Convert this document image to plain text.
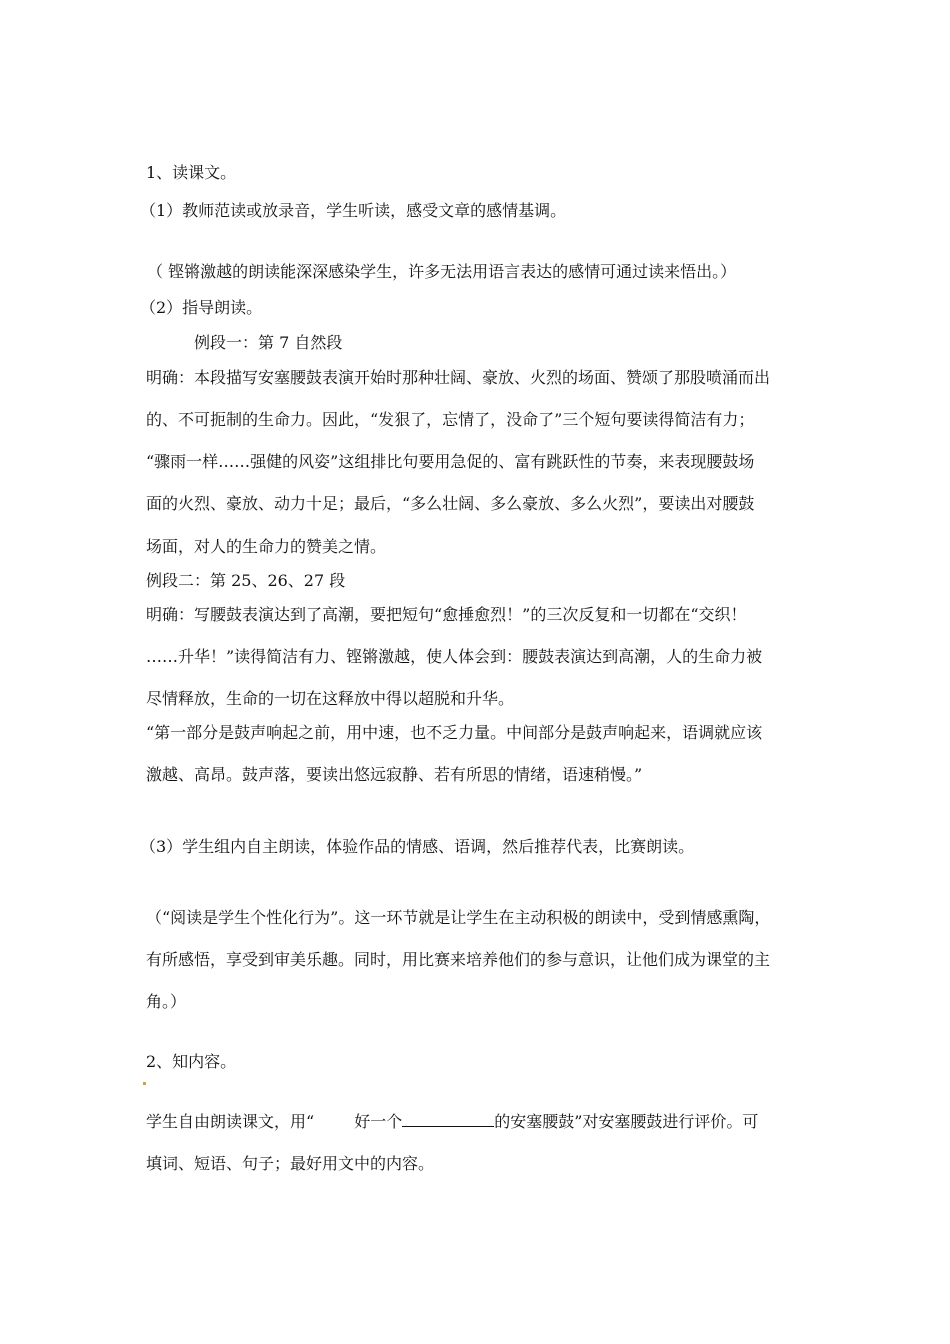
1、读课文。
（1）教师范读或放录音，学生听读，感受文章的感情基调。
（ 铿锵激越的朗读能深深感染学生，许多无法用语言表达的感情可通过读来悟出。）
（2）指导朗读。
例段一：第 7 自然段
明确：本段描写安塞腰鼓表演开始时那种壮阔、豪放、火烈的场面、赞颂了那股喷涌而出
的、不可扼制的生命力。因此，“发狠了，忘情了，没命了”三个短句要读得简洁有力；
“骤雨一样……强健的风姿”这组排比句要用急促的、富有跳跃性的节奏，来表现腰鼓场
面的火烈、豪放、动力十足；最后，“多么壮阔、多么豪放、多么火烈”，要读出对腰鼓
场面，对人的生命力的赞美之情。
例段二：第 25、26、27 段
明确：写腰鼓表演达到了高潮，要把短句“愈捶愈烈！”的三次反复和一切都在“交织！
……升华！”读得简洁有力、铿锵激越，使人体会到：腰鼓表演达到高潮，人的生命力被
尽情释放，生命的一切在这释放中得以超脱和升华。
“第一部分是鼓声响起之前，用中速，也不乏力量。中间部分是鼓声响起来，语调就应该
激越、高昂。鼓声落，要读出悠远寂静、若有所思的情绪，语速稍慢。”
（3）学生组内自主朗读，体验作品的情感、语调，然后推荐代表，比赛朗读。
（“阅读是学生个性化行为”。这一环节就是让学生在主动积极的朗读中，受到情感熏陶，
有所感悟，享受到审美乐趣。同时，用比赛来培养他们的参与意识，让他们成为课堂的主
角。）
2、知内容。
学生自由朗读课文，用“	好一个	的安塞腰鼓”对安塞腰鼓进行评价。可
填词、短语、句子；最好用文中的内容。
